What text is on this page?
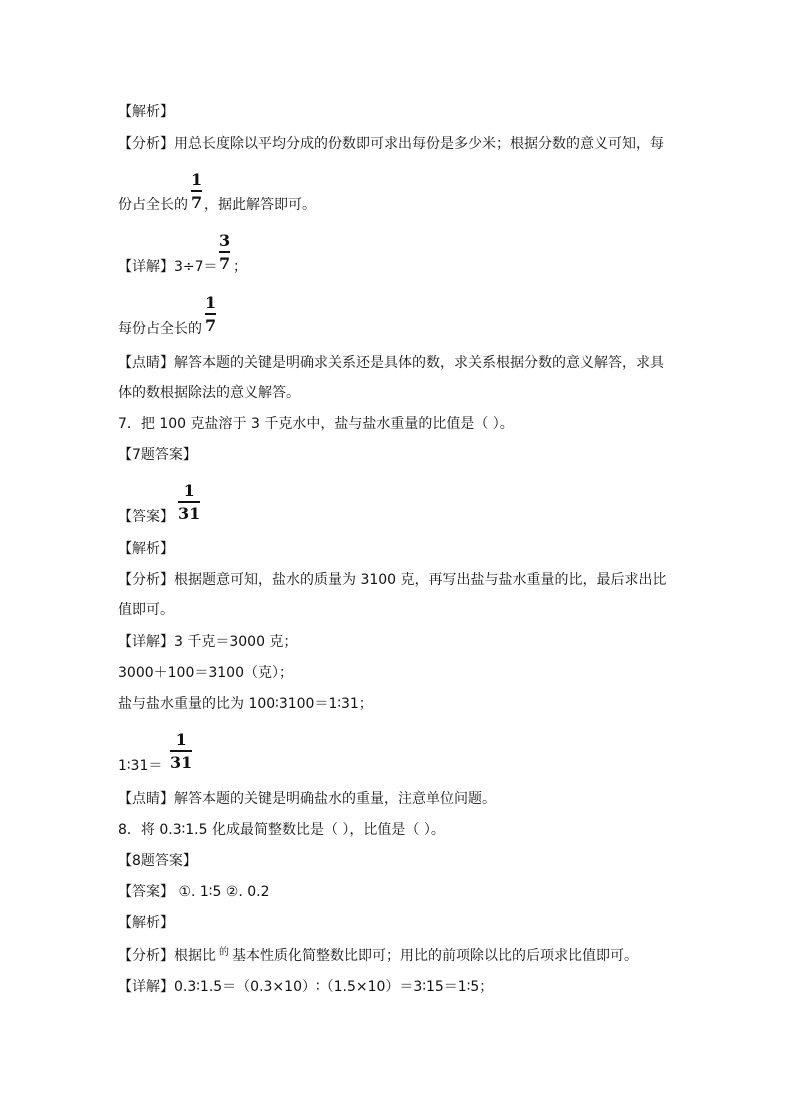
【解析】
【分析】用总长度除以平均分成的份数即可求出每份是多少米；根据分数的意义可知，每
份占全长的
1
7 ，据此解答即可。
【详解】3÷7＝
3
7 ；
每份占全长的
1
7
【点睛】解答本题的关键是明确求关系还是具体的数，求关系根据分数的意义解答，求具
体的数根据除法的意义解答。
7．把 100 克盐溶于 3 千克水中，盐与盐水重量的比值是（ ）。
【7题答案】
【答案】
1
31
【解析】
【分析】根据题意可知，盐水的质量为 3100 克，再写出盐与盐水重量的比，最后求出比
值即可。
【详解】3 千克＝3000 克；
3000＋100＝3100（克）；
盐与盐水重量的比为 100∶3100＝1∶31；
1∶31＝
1
31
【点睛】解答本题的关键是明确盐水的重量，注意单位问题。
8．将 0.3∶1.5 化成最简整数比是（ ），比值是（ ）。
【8题答案】
【答案】 ①. 1∶5 ②. 0.2
【解析】
【分析】根据比 的 基本性质化简整数比即可；用比的前项除以比的后项求比值即可。
【详解】0.3∶1.5＝（0.3×10）∶（1.5×10）＝3∶15＝1∶5；
